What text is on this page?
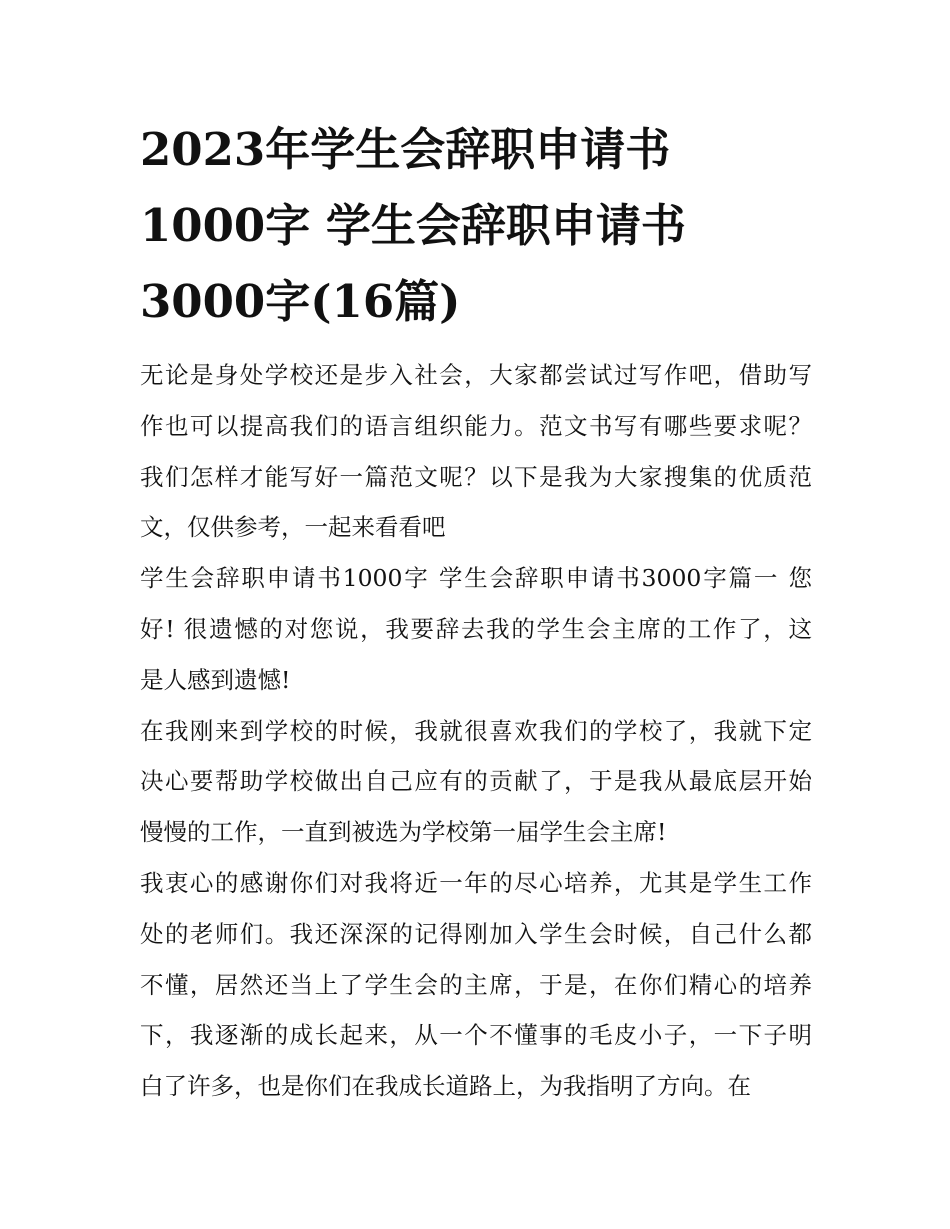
2023年学生会辞职申请书
1000字 学生会辞职申请书
3000字(16篇)
无论是身处学校还是步入社会，大家都尝试过写作吧，借助写
作也可以提高我们的语言组织能力。范文书写有哪些要求呢？
我们怎样才能写好一篇范文呢？以下是我为大家搜集的优质范
文，仅供参考，一起来看看吧
学生会辞职申请书1000字 学生会辞职申请书3000字篇一 您
好! 很遗憾的对您说，我要辞去我的学生会主席的工作了，这
是人感到遗憾!
在我刚来到学校的时候，我就很喜欢我们的学校了，我就下定
决心要帮助学校做出自己应有的贡献了，于是我从最底层开始
慢慢的工作，一直到被选为学校第一届学生会主席!
我衷心的感谢你们对我将近一年的尽心培养，尤其是学生工作
处的老师们。我还深深的记得刚加入学生会时候，自己什么都
不懂，居然还当上了学生会的主席，于是，在你们精心的培养
下，我逐渐的成长起来，从一个不懂事的毛皮小子，一下子明
白了许多，也是你们在我成长道路上，为我指明了方向。在
